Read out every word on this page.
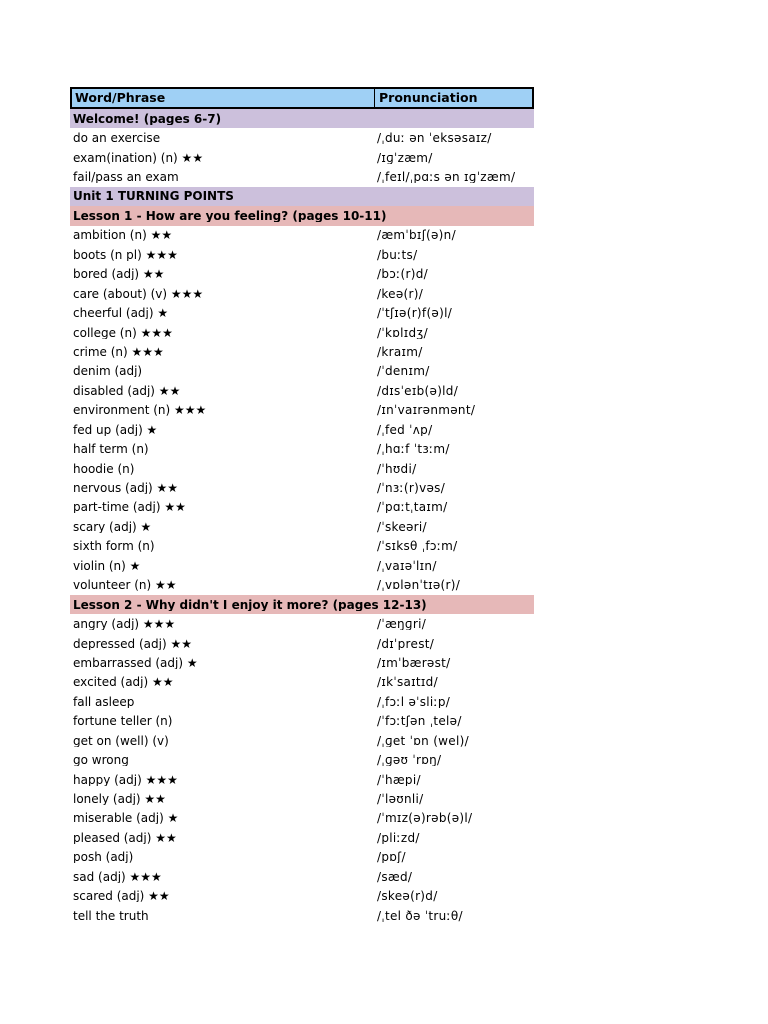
Word/Phrase	Pronunciation
Welcome! (pages 6-7)
do an exercise	/ˌduː ən ˈeksəsaɪz/
exam(ination) (n) ★★	/ɪɡˈzæm/
fail/pass an exam	/ˌfeɪl/ˌpɑːs ən ɪɡˈzæm/
Unit 1 TURNING POINTS
Lesson 1 - How are you feeling? (pages 10-11)
ambition (n) ★★	/æmˈbɪʃ(ə)n/
boots (n pl) ★★★	/buːts/
bored (adj) ★★	/bɔː(r)d/
care (about) (v) ★★★	/keə(r)/
cheerful (adj) ★	/ˈtʃɪə(r)f(ə)l/
college (n) ★★★	/ˈkɒlɪdʒ/
crime (n) ★★★	/kraɪm/
denim (adj)	/ˈdenɪm/
disabled (adj) ★★	/dɪsˈeɪb(ə)ld/
environment (n) ★★★	/ɪnˈvaɪrənmənt/
fed up (adj) ★	/ˌfed ˈʌp/
half term (n)	/ˌhɑːf ˈtɜːm/
hoodie (n)	/ˈhʊdi/
nervous (adj) ★★	/ˈnɜː(r)vəs/
part-time (adj) ★★	/ˈpɑːtˌtaɪm/
scary (adj) ★	/ˈskeəri/
sixth form (n)	/ˈsɪksθ ˌfɔːm/
violin (n) ★	/ˌvaɪəˈlɪn/
volunteer (n) ★★	/ˌvɒlənˈtɪə(r)/
Lesson 2 - Why didn't I enjoy it more? (pages 12-13)
angry (adj) ★★★	/ˈæŋɡri/
depressed (adj) ★★	/dɪˈprest/
embarrassed (adj) ★	/ɪmˈbærəst/
excited (adj) ★★	/ɪkˈsaɪtɪd/
fall asleep	/ˌfɔːl əˈsliːp/
fortune teller (n)	/ˈfɔːtʃən ˌtelə/
get on (well) (v)	/ˌɡet ˈɒn (wel)/
go wrong	/ˌɡəʊ ˈrɒŋ/
happy (adj) ★★★	/ˈhæpi/
lonely (adj) ★★	/ˈləʊnli/
miserable (adj) ★	/ˈmɪz(ə)rəb(ə)l/
pleased (adj) ★★	/pliːzd/
posh (adj)	/pɒʃ/
sad (adj) ★★★	/sæd/
scared (adj) ★★	/skeə(r)d/
tell the truth	/ˌtel ðə ˈtruːθ/
